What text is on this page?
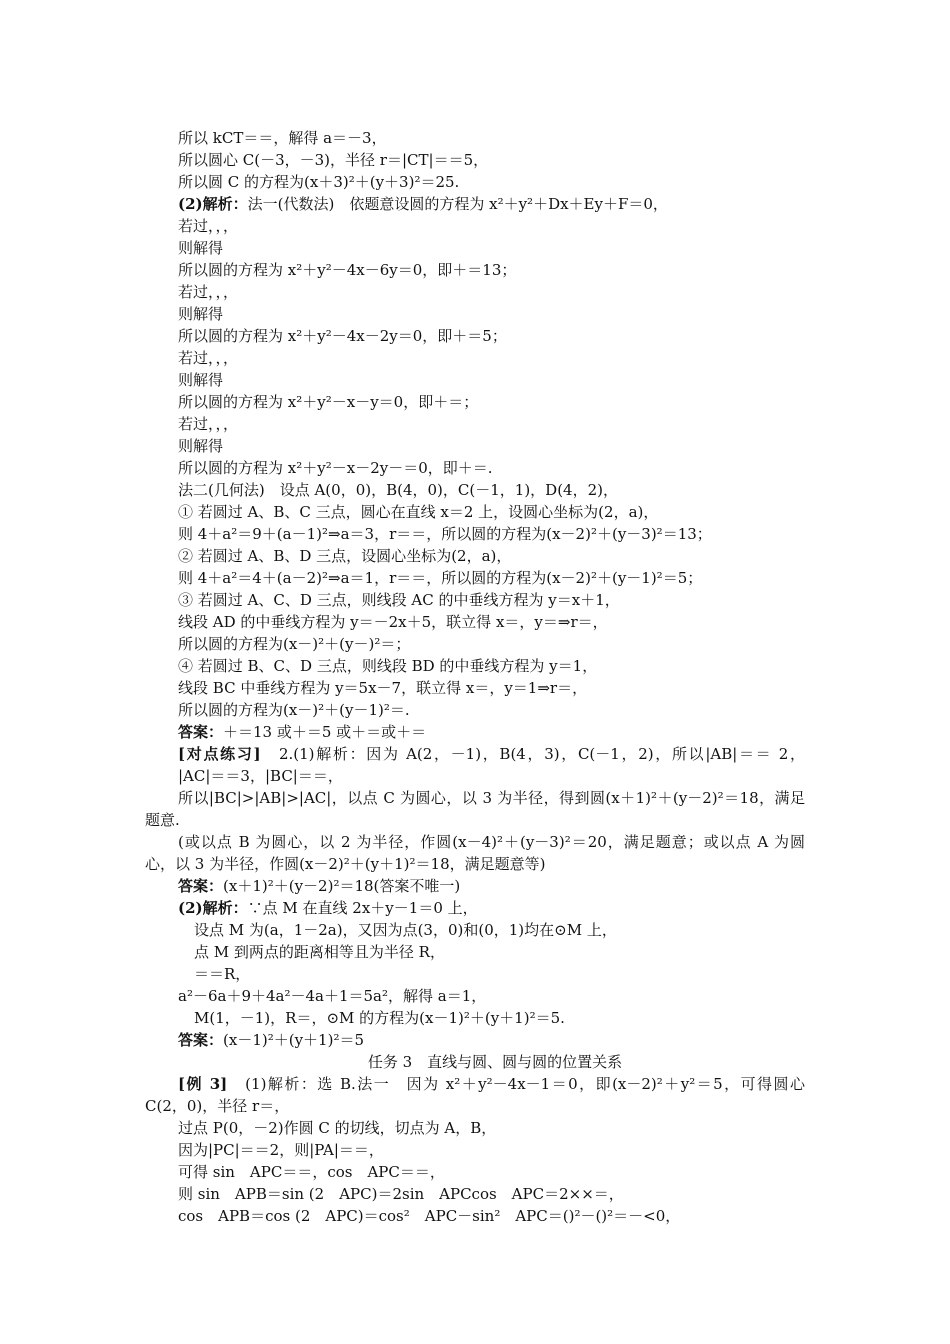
所以 kCT＝＝，解得 a＝－3，
所以圆心 C(－3，－3)，半径 r＝|CT|＝＝5，
所以圆 C 的方程为(x＋3)²＋(y＋3)²＝25.
(2)解析：法一(代数法)　依题意设圆的方程为 x²＋y²＋Dx＋Ey＋F＝0，
若过，，，
则解得
所以圆的方程为 x²＋y²－4x－6y＝0，即＋＝13；
若过，，，
则解得
所以圆的方程为 x²＋y²－4x－2y＝0，即＋＝5；
若过，，，
则解得
所以圆的方程为 x²＋y²－x－y＝0，即＋＝；
若过，，，
则解得
所以圆的方程为 x²＋y²－x－2y－＝0，即＋＝.
法二(几何法)　设点 A(0，0)，B(4，0)，C(－1，1)，D(4，2)，
① 若圆过 A、B、C 三点，圆心在直线 x＝2 上，设圆心坐标为(2，a)，
则 4＋a²＝9＋(a－1)²⇒a＝3，r＝＝，所以圆的方程为(x－2)²＋(y－3)²＝13；
② 若圆过 A、B、D 三点，设圆心坐标为(2，a)，
则 4＋a²＝4＋(a－2)²⇒a＝1，r＝＝，所以圆的方程为(x－2)²＋(y－1)²＝5；
③ 若圆过 A、C、D 三点，则线段 AC 的中垂线方程为 y＝x＋1，
线段 AD 的中垂线方程为 y＝－2x＋5，联立得 x＝，y＝⇒r＝，
所以圆的方程为(x－)²＋(y－)²＝；
④ 若圆过 B、C、D 三点，则线段 BD 的中垂线方程为 y＝1，
线段 BC 中垂线方程为 y＝5x－7，联立得 x＝，y＝1⇒r＝，
所以圆的方程为(x－)²＋(y－1)²＝.
答案：＋＝13 或＋＝5 或＋＝或＋＝
[对点练习]　2.(1)解析：因为 A(2，－1)，B(4，3)，C(－1，2)，所以|AB|＝＝ 2，
|AC|＝＝3，|BC|＝＝，
所以|BC|>|AB|>|AC|，以点 C 为圆心，以 3 为半径，得到圆(x＋1)²＋(y－2)²＝18，满足
题意.
(或以点 B 为圆心，以 2 为半径，作圆(x－4)²＋(y－3)²＝20，满足题意；或以点 A 为圆
心，以 3 为半径，作圆(x－2)²＋(y＋1)²＝18，满足题意等)
答案：(x＋1)²＋(y－2)²＝18(答案不唯一)
(2)解析：∵点 M 在直线 2x＋y－1＝0 上，
设点 M 为(a，1－2a)，又因为点(3，0)和(0，1)均在⊙M 上，
点 M 到两点的距离相等且为半径 R，
＝＝R，
a²－6a＋9＋4a²－4a＋1＝5a²，解得 a＝1，
M(1，－1)，R＝，⊙M 的方程为(x－1)²＋(y＋1)²＝5.
答案：(x－1)²＋(y＋1)²＝5
任务 3　直线与圆、圆与圆的位置关系
[例 3]　(1)解析：选 B.法一　因为 x²＋y²－4x－1＝0，即(x－2)²＋y²＝5，可得圆心
C(2，0)，半径 r＝，
过点 P(0，－2)作圆 C 的切线，切点为 A，B，
因为|PC|＝＝2，则|PA|＝＝，
可得 sin　APC＝＝，cos　APC＝＝，
则 sin　APB＝sin (2　APC)＝2sin　APCcos　APC＝2××＝，
cos　APB＝cos (2　APC)＝cos²　APC－sin²　APC＝()²－()²＝－<0，
